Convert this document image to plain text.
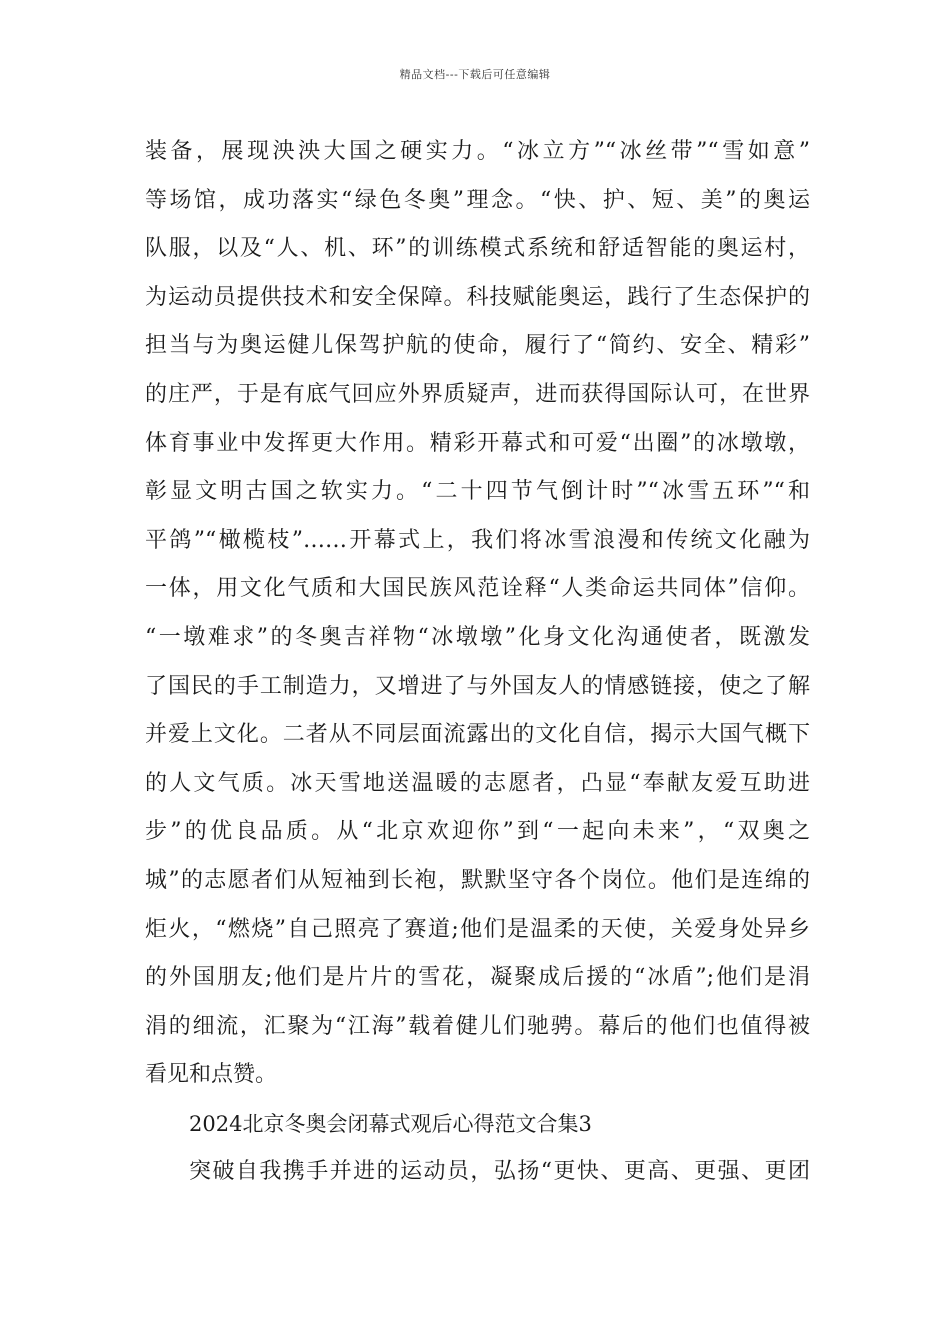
精品文档---下载后可任意编辑
装备，展现泱泱大国之硬实力。“冰立方”“冰丝带”“雪如意”
等场馆，成功落实“绿色冬奥”理念。“快、护、短、美”的奥运
队服，以及“人、机、环”的训练模式系统和舒适智能的奥运村，
为运动员提供技术和安全保障。科技赋能奥运，践行了生态保护的
担当与为奥运健儿保驾护航的使命，履行了“简约、安全、精彩”
的庄严，于是有底气回应外界质疑声，进而获得国际认可，在世界
体育事业中发挥更大作用。精彩开幕式和可爱“出圈”的冰墩墩，
彰显文明古国之软实力。“二十四节气倒计时”“冰雪五环”“和
平鸽”“橄榄枝”……开幕式上，我们将冰雪浪漫和传统文化融为
一体，用文化气质和大国民族风范诠释“人类命运共同体”信仰。
“一墩难求”的冬奥吉祥物“冰墩墩”化身文化沟通使者，既激发
了国民的手工制造力，又增进了与外国友人的情感链接，使之了解
并爱上文化。二者从不同层面流露出的文化自信，揭示大国气概下
的人文气质。冰天雪地送温暖的志愿者，凸显“奉献友爱互助进
步”的优良品质。从“北京欢迎你”到“一起向未来”，“双奥之
城”的志愿者们从短袖到长袍，默默坚守各个岗位。他们是连绵的
炬火，“燃烧”自己照亮了赛道;他们是温柔的天使，关爱身处异乡
的外国朋友;他们是片片的雪花，凝聚成后援的“冰盾”;他们是涓
涓的细流，汇聚为“江海”载着健儿们驰骋。幕后的他们也值得被
看见和点赞。
2024北京冬奥会闭幕式观后心得范文合集3
突破自我携手并进的运动员，弘扬“更快、更高、更强、更团
